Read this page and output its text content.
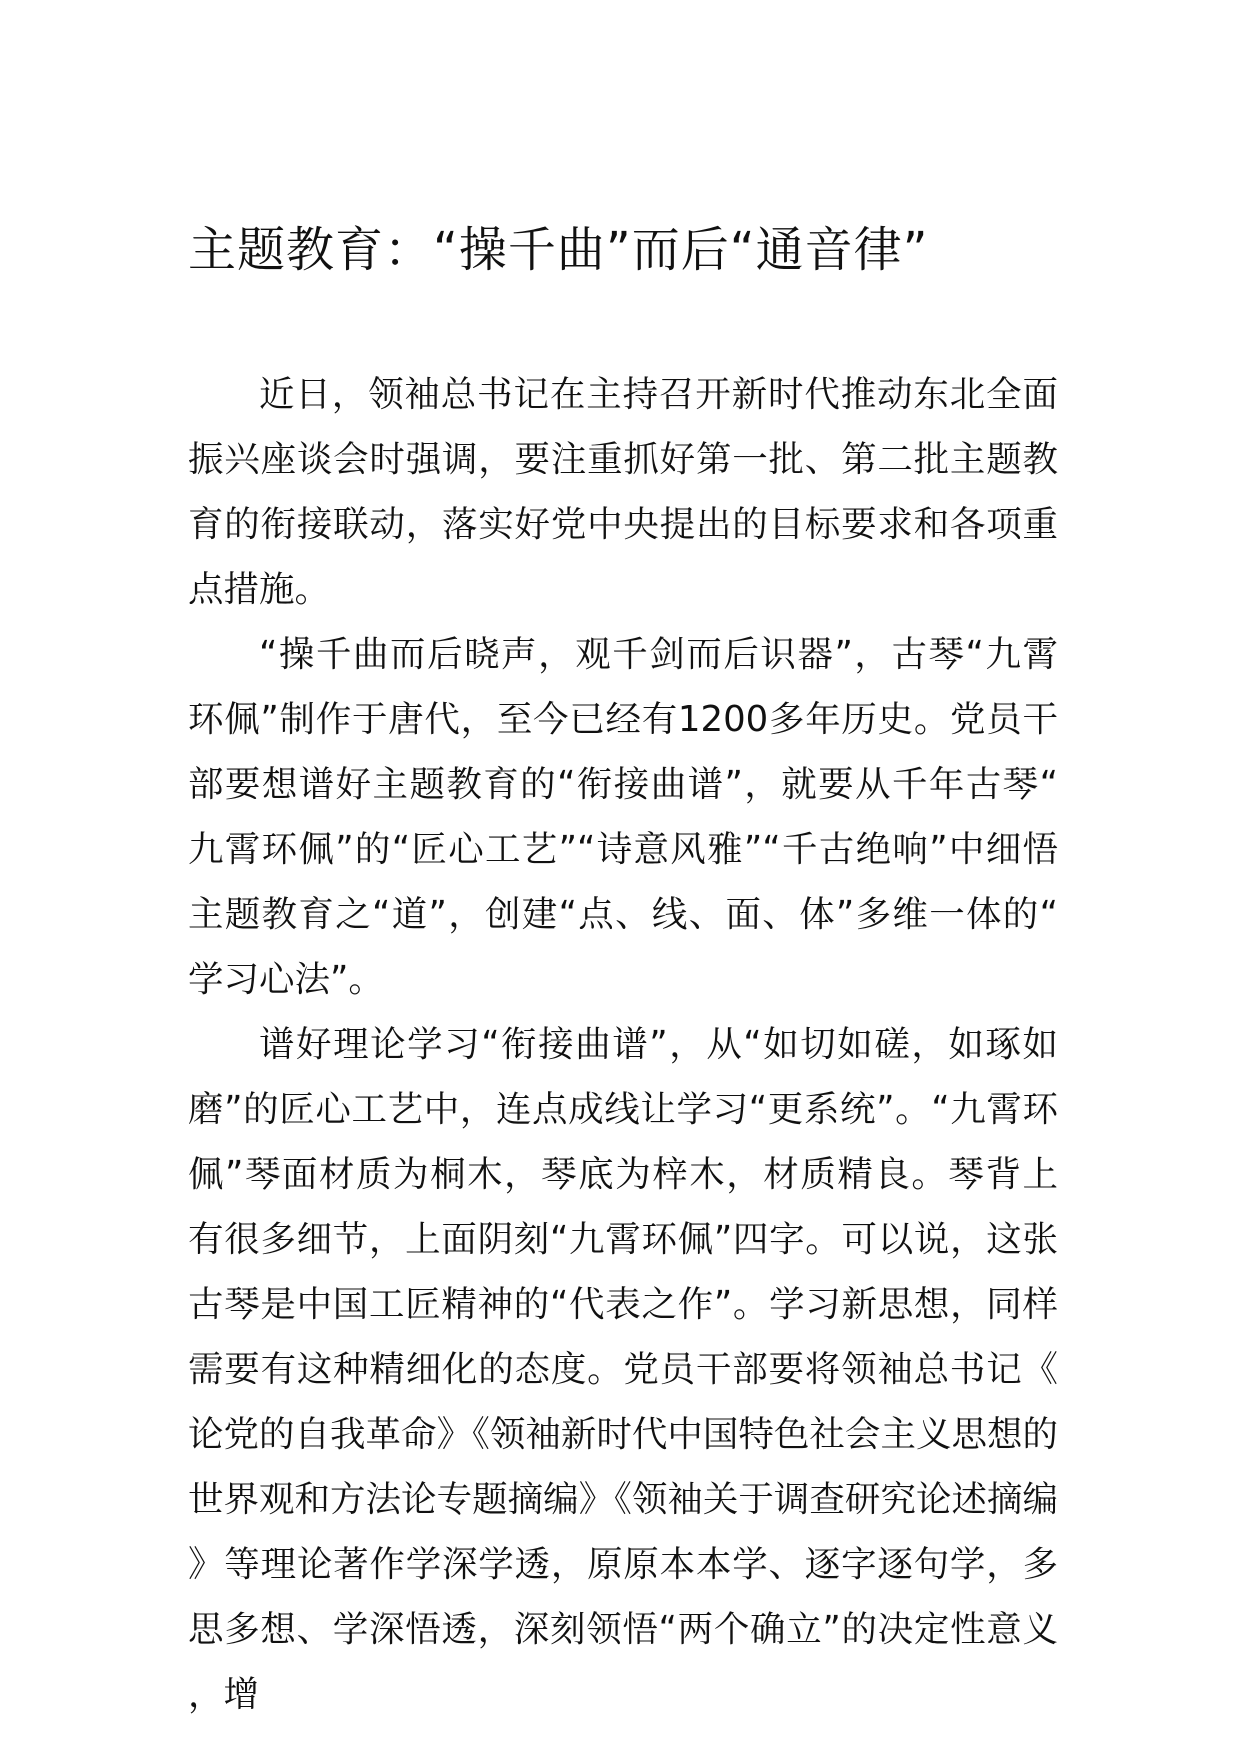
主题教育：“操千曲”而后“通音律”

近日，领袖总书记在主持召开新时代推动东北全面振兴座谈会时强调，要注重抓好第一批、第二批主题教育的衔接联动，落实好党中央提出的目标要求和各项重点措施。

“操千曲而后晓声，观千剑而后识器”，古琴“九霄环佩”制作于唐代，至今已经有1200多年历史。党员干部要想谱好主题教育的“衔接曲谱”，就要从千年古琴“九霄环佩”的“匠心工艺”“诗意风雅”“千古绝响”中细悟主题教育之“道”，创建“点、线、面、体”多维一体的“学习心法”。

谱好理论学习“衔接曲谱”，从“如切如磋，如琢如磨”的匠心工艺中，连点成线让学习“更系统”。“九霄环佩”琴面材质为桐木，琴底为梓木，材质精良。琴背上有很多细节，上面阴刻“九霄环佩”四字。可以说，这张古琴是中国工匠精神的“代表之作”。学习新思想，同样需要有这种精细化的态度。党员干部要将领袖总书记《论党的自我革命》《领袖新时代中国特色社会主义思想的世界观和方法论专题摘编》《领袖关于调查研究论述摘编》等理论著作学深学透，原原本本学、逐字逐句学，多思多想、学深悟透，深刻领悟“两个确立”的决定性意义，增
